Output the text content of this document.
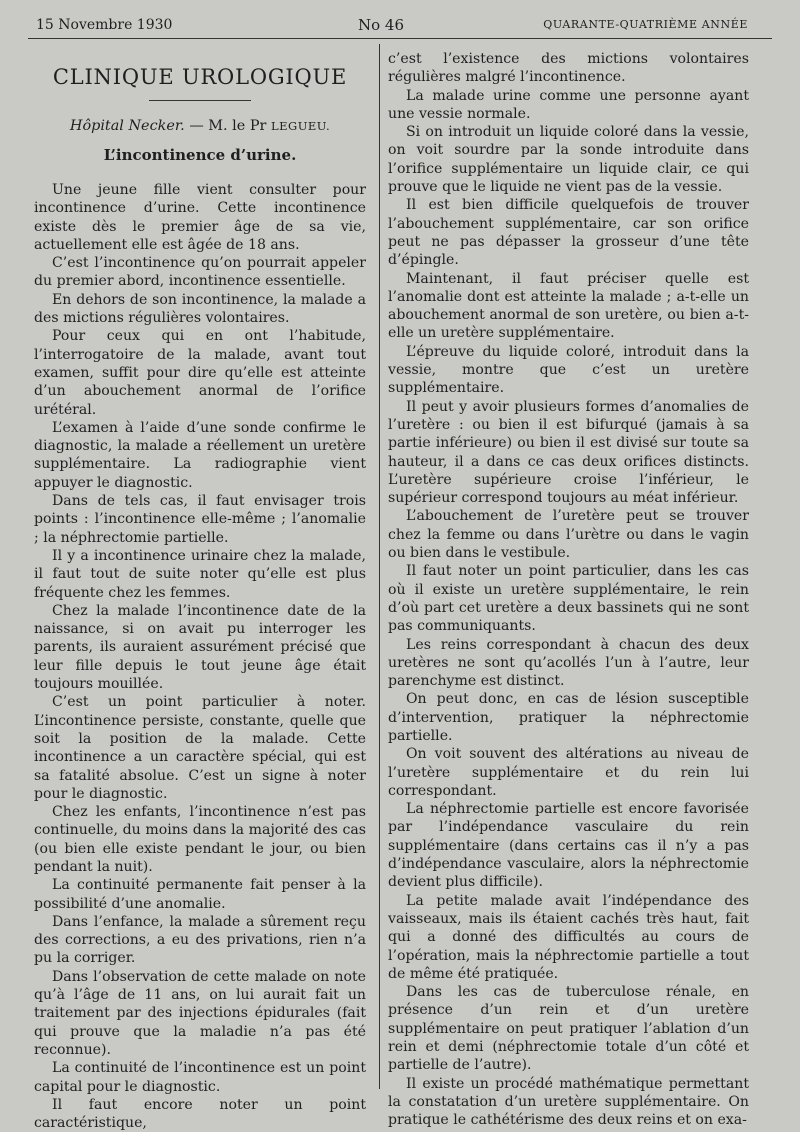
15 Novembre 1930	No 46	QUARANTE-QUATRIÈME ANNÉE
CLINIQUE UROLOGIQUE
Hôpital Necker. — M. le Pr LEGUEU.
L’incontinence d’urine.

Une jeune fille vient consulter pour incontinence d’urine. Cette incontinence existe dès le premier âge de sa vie, actuellement elle est âgée de 18 ans.

C’est l’incontinence qu’on pourrait appeler du premier abord, incontinence essentielle.

En dehors de son incontinence, la malade a des mictions régulières volontaires.

Pour ceux qui en ont l’habitude, l’interrogatoire de la malade, avant tout examen, suffit pour dire qu’elle est atteinte d’un abouchement anormal de l’orifice urétéral.

L’examen à l’aide d’une sonde confirme le diagnostic, la malade a réellement un uretère supplémentaire. La radiographie vient appuyer le diagnostic.

Dans de tels cas, il faut envisager trois points : l’incontinence elle-même ; l’anomalie ; la néphrectomie partielle.

Il y a incontinence urinaire chez la malade, il faut tout de suite noter qu’elle est plus fréquente chez les femmes.

Chez la malade l’incontinence date de la naissance, si on avait pu interroger les parents, ils auraient assurément précisé que leur fille depuis le tout jeune âge était toujours mouillée.

C’est un point particulier à noter. L’incontinence persiste, constante, quelle que soit la position de la malade. Cette incontinence a un caractère spécial, qui est sa fatalité absolue. C’est un signe à noter pour le diagnostic.

Chez les enfants, l’incontinence n’est pas continuelle, du moins dans la majorité des cas (ou bien elle existe pendant le jour, ou bien pendant la nuit).

La continuité permanente fait penser à la possibilité d’une anomalie.

Dans l’enfance, la malade a sûrement reçu des corrections, a eu des privations, rien n’a pu la corriger.

Dans l’observation de cette malade on note qu’à l’âge de 11 ans, on lui aurait fait un traitement par des injections épidurales (fait qui prouve que la maladie n’a pas été reconnue).

La continuité de l’incontinence est un point capital pour le diagnostic.

Il faut encore noter un point caractéristique,

c’est l’existence des mictions volontaires régulières malgré l’incontinence.

La malade urine comme une personne ayant une vessie normale.

Si on introduit un liquide coloré dans la vessie, on voit sourdre par la sonde introduite dans l’orifice supplémentaire un liquide clair, ce qui prouve que le liquide ne vient pas de la vessie.

Il est bien difficile quelquefois de trouver l’abouchement supplémentaire, car son orifice peut ne pas dépasser la grosseur d’une tête d’épingle.

Maintenant, il faut préciser quelle est l’anomalie dont est atteinte la malade ; a-t-elle un abouchement anormal de son uretère, ou bien a-t-elle un uretère supplémentaire.

L’épreuve du liquide coloré, introduit dans la vessie, montre que c’est un uretère supplémentaire.

Il peut y avoir plusieurs formes d’anomalies de l’uretère : ou bien il est bifurqué (jamais à sa partie inférieure) ou bien il est divisé sur toute sa hauteur, il a dans ce cas deux orifices distincts. L’uretère supérieure croise l’inférieur, le supérieur correspond toujours au méat inférieur.

L’abouchement de l’uretère peut se trouver chez la femme ou dans l’urètre ou dans le vagin ou bien dans le vestibule.

Il faut noter un point particulier, dans les cas où il existe un uretère supplémentaire, le rein d’où part cet uretère a deux bassinets qui ne sont pas communiquants.

Les reins correspondant à chacun des deux uretères ne sont qu’acollés l’un à l’autre, leur parenchyme est distinct.

On peut donc, en cas de lésion susceptible d’intervention, pratiquer la néphrectomie partielle.

On voit souvent des altérations au niveau de l’uretère supplémentaire et du rein lui correspondant.

La néphrectomie partielle est encore favorisée par l’indépendance vasculaire du rein supplémentaire (dans certains cas il n’y a pas d’indépendance vasculaire, alors la néphrectomie devient plus difficile).

La petite malade avait l’indépendance des vaisseaux, mais ils étaient cachés très haut, fait qui a donné des difficultés au cours de l’opération, mais la néphrectomie partielle a tout de même été pratiquée.

Dans les cas de tuberculose rénale, en présence d’un rein et d’un uretère supplémentaire on peut pratiquer l’ablation d’un rein et demi (néphrectomie totale d’un côté et partielle de l’autre).

Il existe un procédé mathématique permettant la constatation d’un uretère supplémentaire. On pratique le cathétérisme des deux reins et on exa-
